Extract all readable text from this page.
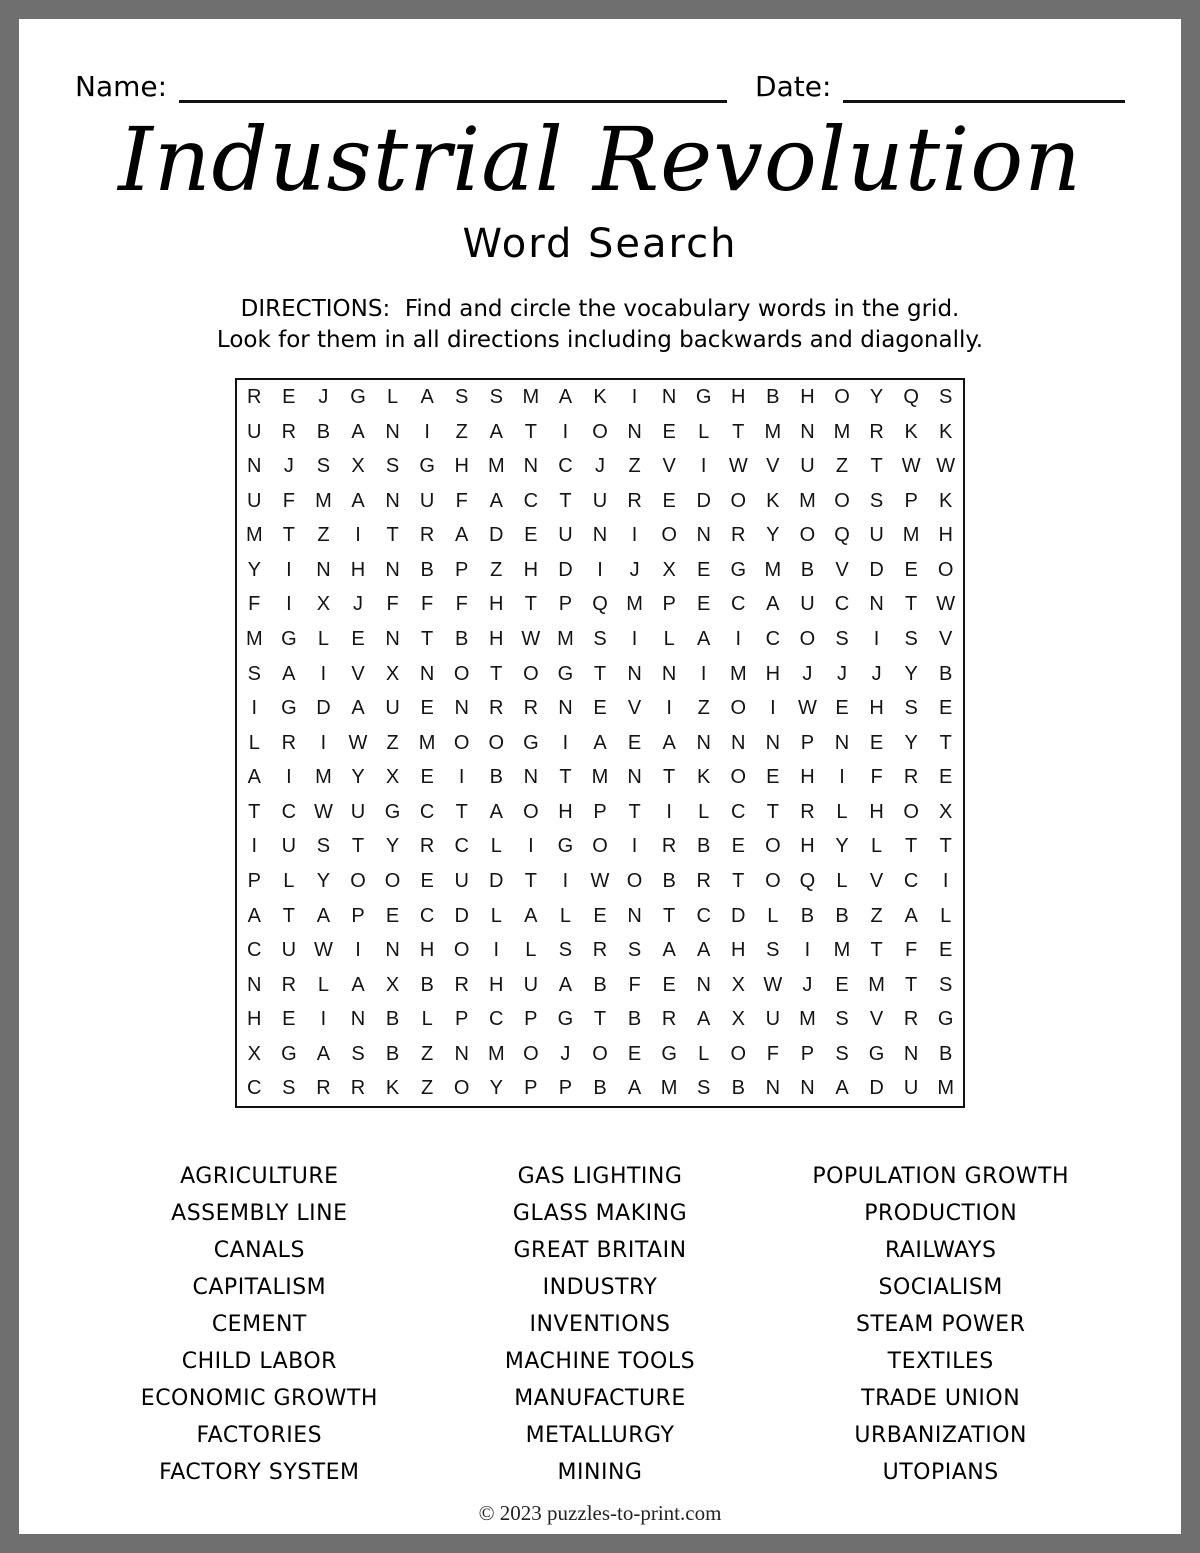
Name:	Date:
Industrial Revolution
Word Search
DIRECTIONS:  Find and circle the vocabulary words in the grid.
Look for them in all directions including backwards and diagonally.
R	E	J	G	L	A	S	S M A	K	I	N G H	B	H O	Y	Q	S
U	R	B	A	N	I	Z	A	T	I	O N	E	L	T	M N M R	K	K
N	J	S	X	S	G H M N	C	J	Z	V	I	W V	U	Z	T W W
U	F	M A	N	U	F	A	C	T	U	R	E	D O	K M O	S	P	K
M	T	Z	I	T	R	A	D	E	U	N	I	O N	R	Y	O Q U M H
Y	I	N	H	N	B	P	Z	H	D	I	J	X	E	G M B	V	D	E	O
F	I	X	J	F	F	F	H	T	P	Q M P	E	C	A	U	C	N	T W
M G	L	E	N	T	B	H W M S	I	L	A	I	C O	S	I	S	V
S	A	I	V	X	N O	T	O G	T	N	N	I	M H	J	J	J	Y	B
I	G D	A	U	E	N	R	R	N	E	V	I	Z	O	I	W E	H	S	E
L	R	I	W Z	M O O G	I	A	E	A	N	N	N	P	N	E	Y	T
A	I	M Y	X	E	I	B	N	T	M N	T	K	O	E	H	I	F	R	E
T	C W U G C	T	A	O H	P	T	I	L	C	T	R	L	H O	X
I	U	S	T	Y	R	C	L	I	G O	I	R	B	E	O H	Y	L	T	T
P	L	Y	O O	E	U	D	T	I	W O	B	R	T	O Q	L	V	C	I
A	T	A	P	E	C	D	L	A	L	E	N	T	C	D	L	B	B	Z	A	L
C	U W	I	N	H O	I	L	S	R	S	A	A	H	S	I	M	T	F	E
N	R	L	A	X	B	R	H	U	A	B	F	E	N	X W	J	E M	T	S
H	E	I	N	B	L	P	C	P	G	T	B	R	A	X	U M S	V	R G
X	G	A	S	B	Z	N M O	J	O	E	G	L	O	F	P	S	G N	B
C	S	R	R	K	Z	O	Y	P	P	B	A M S	B	N	N	A	D	U M
AGRICULTURE
ASSEMBLY LINE
CANALS
CAPITALISM
CEMENT
CHILD LABOR
ECONOMIC GROWTH
FACTORIES
FACTORY SYSTEM
GAS LIGHTING
GLASS MAKING
GREAT BRITAIN
INDUSTRY
INVENTIONS
MACHINE TOOLS
MANUFACTURE
METALLURGY
MINING
POPULATION GROWTH
PRODUCTION
RAILWAYS
SOCIALISM
STEAM POWER
TEXTILES
TRADE UNION
URBANIZATION
UTOPIANS
© 2023 puzzles-to-print.com
